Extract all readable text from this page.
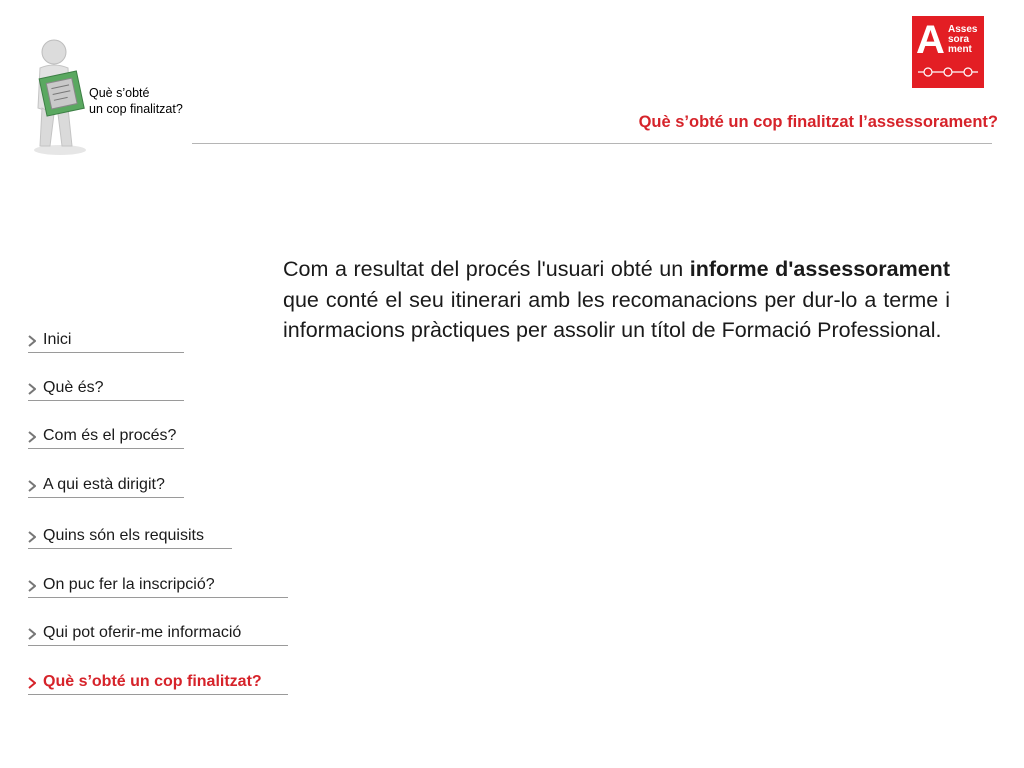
Què s’obté
un cop finalitzat?
A Asses
sora
ment
Què s’obté un cop finalitzat l’assessorament?
Com a resultat del procés l'usuari obté un informe d'assessorament que conté el seu itinerari amb les recomanacions per dur-lo a terme i informacions pràctiques per assolir un títol de Formació Professional.
Inici
Què és?
Com és el procés?
A qui està dirigit?
Quins són els requisits
On puc fer la inscripció?
Qui pot oferir-me informació
Què s’obté un cop finalitzat?
